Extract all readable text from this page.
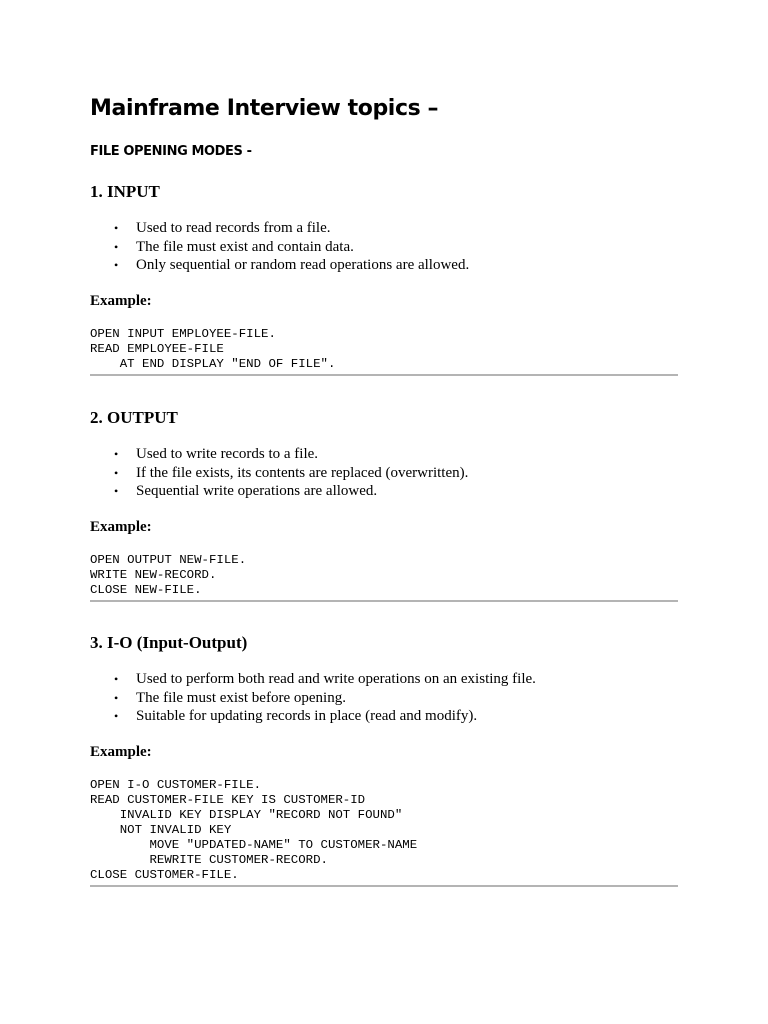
Mainframe Interview topics –
FILE OPENING MODES -
1. INPUT
• Used to read records from a file.
• The file must exist and contain data.
• Only sequential or random read operations are allowed.
Example:
OPEN INPUT EMPLOYEE-FILE.
READ EMPLOYEE-FILE
AT END DISPLAY "END OF FILE".
2. OUTPUT
• Used to write records to a file.
• If the file exists, its contents are replaced (overwritten).
• Sequential write operations are allowed.
Example:
OPEN OUTPUT NEW-FILE.
WRITE NEW-RECORD.
CLOSE NEW-FILE.
3. I-O (Input-Output)
• Used to perform both read and write operations on an existing file.
• The file must exist before opening.
• Suitable for updating records in place (read and modify).
Example:
OPEN I-O CUSTOMER-FILE.
READ CUSTOMER-FILE KEY IS CUSTOMER-ID
INVALID KEY DISPLAY "RECORD NOT FOUND"
NOT INVALID KEY
MOVE "UPDATED-NAME" TO CUSTOMER-NAME
REWRITE CUSTOMER-RECORD.
CLOSE CUSTOMER-FILE.
